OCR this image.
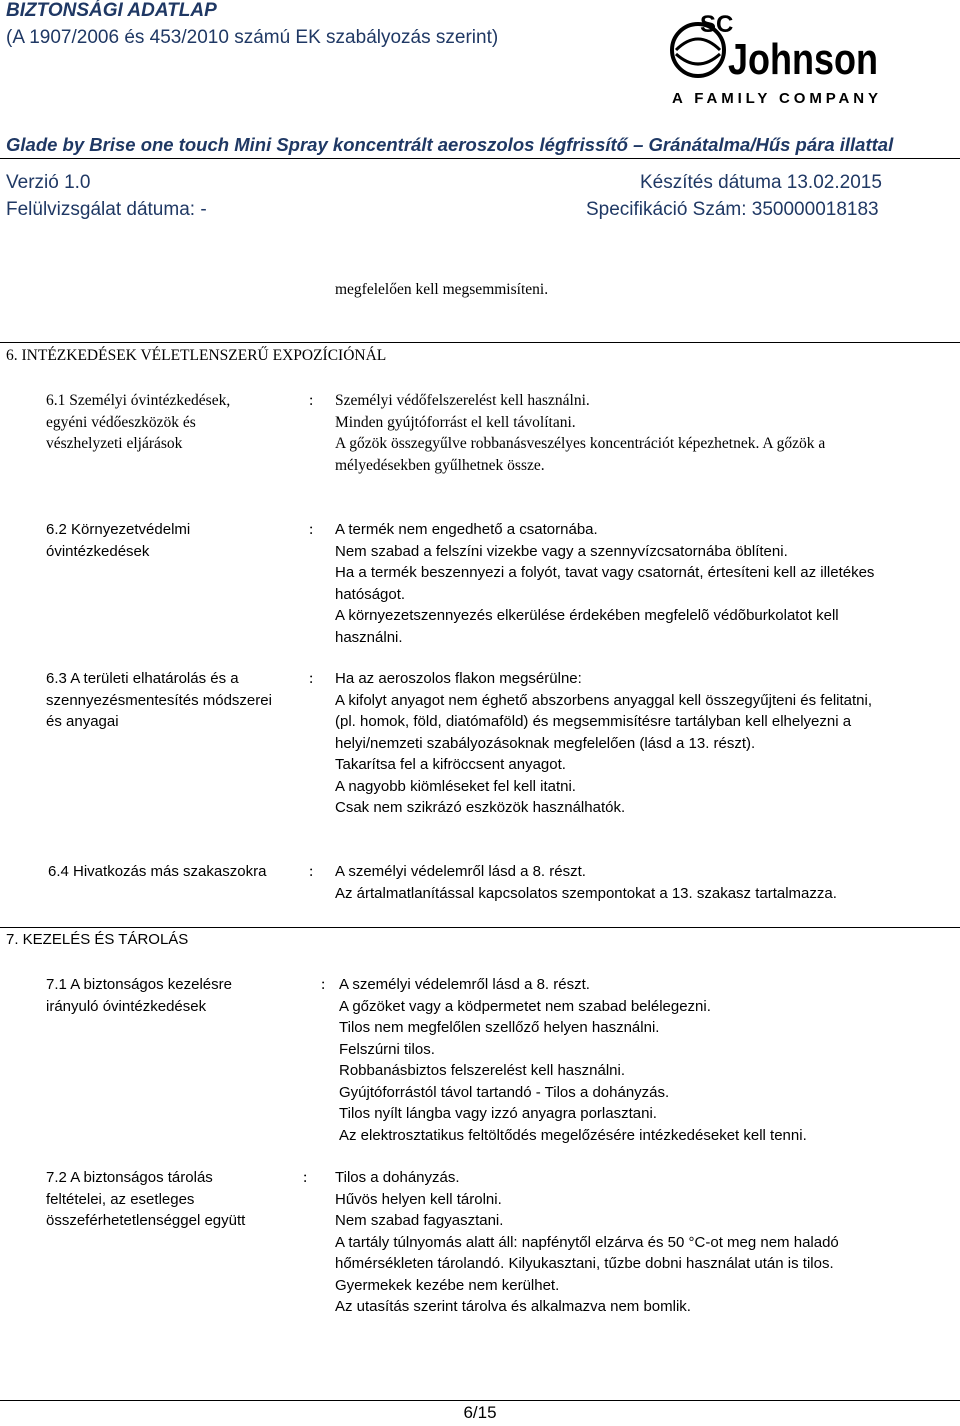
BIZTONSÁGI ADATLAP
(A 1907/2006 és 453/2010 számú EK szabályozás szerint)	SC
Johnson
A FAMILY COMPANY
Glade by Brise one touch Mini Spray koncentrált aeroszolos légfrissítő – Gránátalma/Hűs pára illattal
Verzió 1.0
Felülvizsgálat dátuma: -
Készítés dátuma 13.02.2015
Specifikáció Szám: 350000018183
megfelelően kell megsemmisíteni.
6. INTÉZKEDÉSEK VÉLETLENSZERŰ EXPOZÍCIÓNÁL
6.1 Személyi óvintézkedések,
egyéni védőeszközök és
vészhelyzeti eljárások
: Személyi védőfelszerelést kell használni.
Minden gyújtóforrást el kell távolítani.
A gőzök összegyűlve robbanásveszélyes koncentrációt képezhetnek. A gőzök a mélyedésekben gyűlhetnek össze.
6.2 Környezetvédelmi
óvintézkedések
: A termék nem engedhető a csatornába.
Nem szabad a felszíni vizekbe vagy a szennyvízcsatornába öblíteni.
Ha a termék beszennyezi a folyót, tavat vagy csatornát, értesíteni kell az illetékes hatóságot.
A környezetszennyezés elkerülése érdekében megfelelõ védõburkolatot kell használni.
6.3 A területi elhatárolás és a
szennyezésmentesítés módszerei
és anyagai
: Ha az aeroszolos flakon megsérülne:
A kifolyt anyagot nem éghető abszorbens anyaggal kell összegyűjteni és felitatni, (pl. homok, föld, diatómaföld) és megsemmisítésre tartályban kell elhelyezni a helyi/nemzeti szabályozásoknak megfelelően (lásd a 13. részt).
Takarítsa fel a kifröccsent anyagot.
A nagyobb kiömléseket fel kell itatni.
Csak nem szikrázó eszközök használhatók.
6.4 Hivatkozás más szakaszokra	: A személyi védelemről lásd a 8. részt.
Az ártalmatlanítással kapcsolatos szempontokat a 13. szakasz tartalmazza.
7. KEZELÉS ÉS TÁROLÁS
7.1 A biztonságos kezelésre
irányuló óvintézkedések
: A személyi védelemről lásd a 8. részt.
A gőzöket vagy a ködpermetet nem szabad belélegezni.
Tilos nem megfelőlen szellőző helyen használni.
Felszúrni tilos.
Robbanásbiztos felszerelést kell használni.
Gyújtóforrástól távol tartandó - Tilos a dohányzás.
Tilos nyílt lángba vagy izzó anyagra porlasztani.
Az elektrosztatikus feltöltődés megelőzésére intézkedéseket kell tenni.
7.2 A biztonságos tárolás
feltételei, az esetleges
összeférhetetlenséggel együtt
: Tilos a dohányzás.
Hűvös helyen kell tárolni.
Nem szabad fagyasztani.
A tartály túlnyomás alatt áll: napfénytől elzárva és 50 °C-ot meg nem haladó hőmérsékleten tárolandó. Kilyukasztani, tűzbe dobni használat után is tilos.
Gyermekek kezébe nem kerülhet.
Az utasítás szerint tárolva és alkalmazva nem bomlik.
6/15
